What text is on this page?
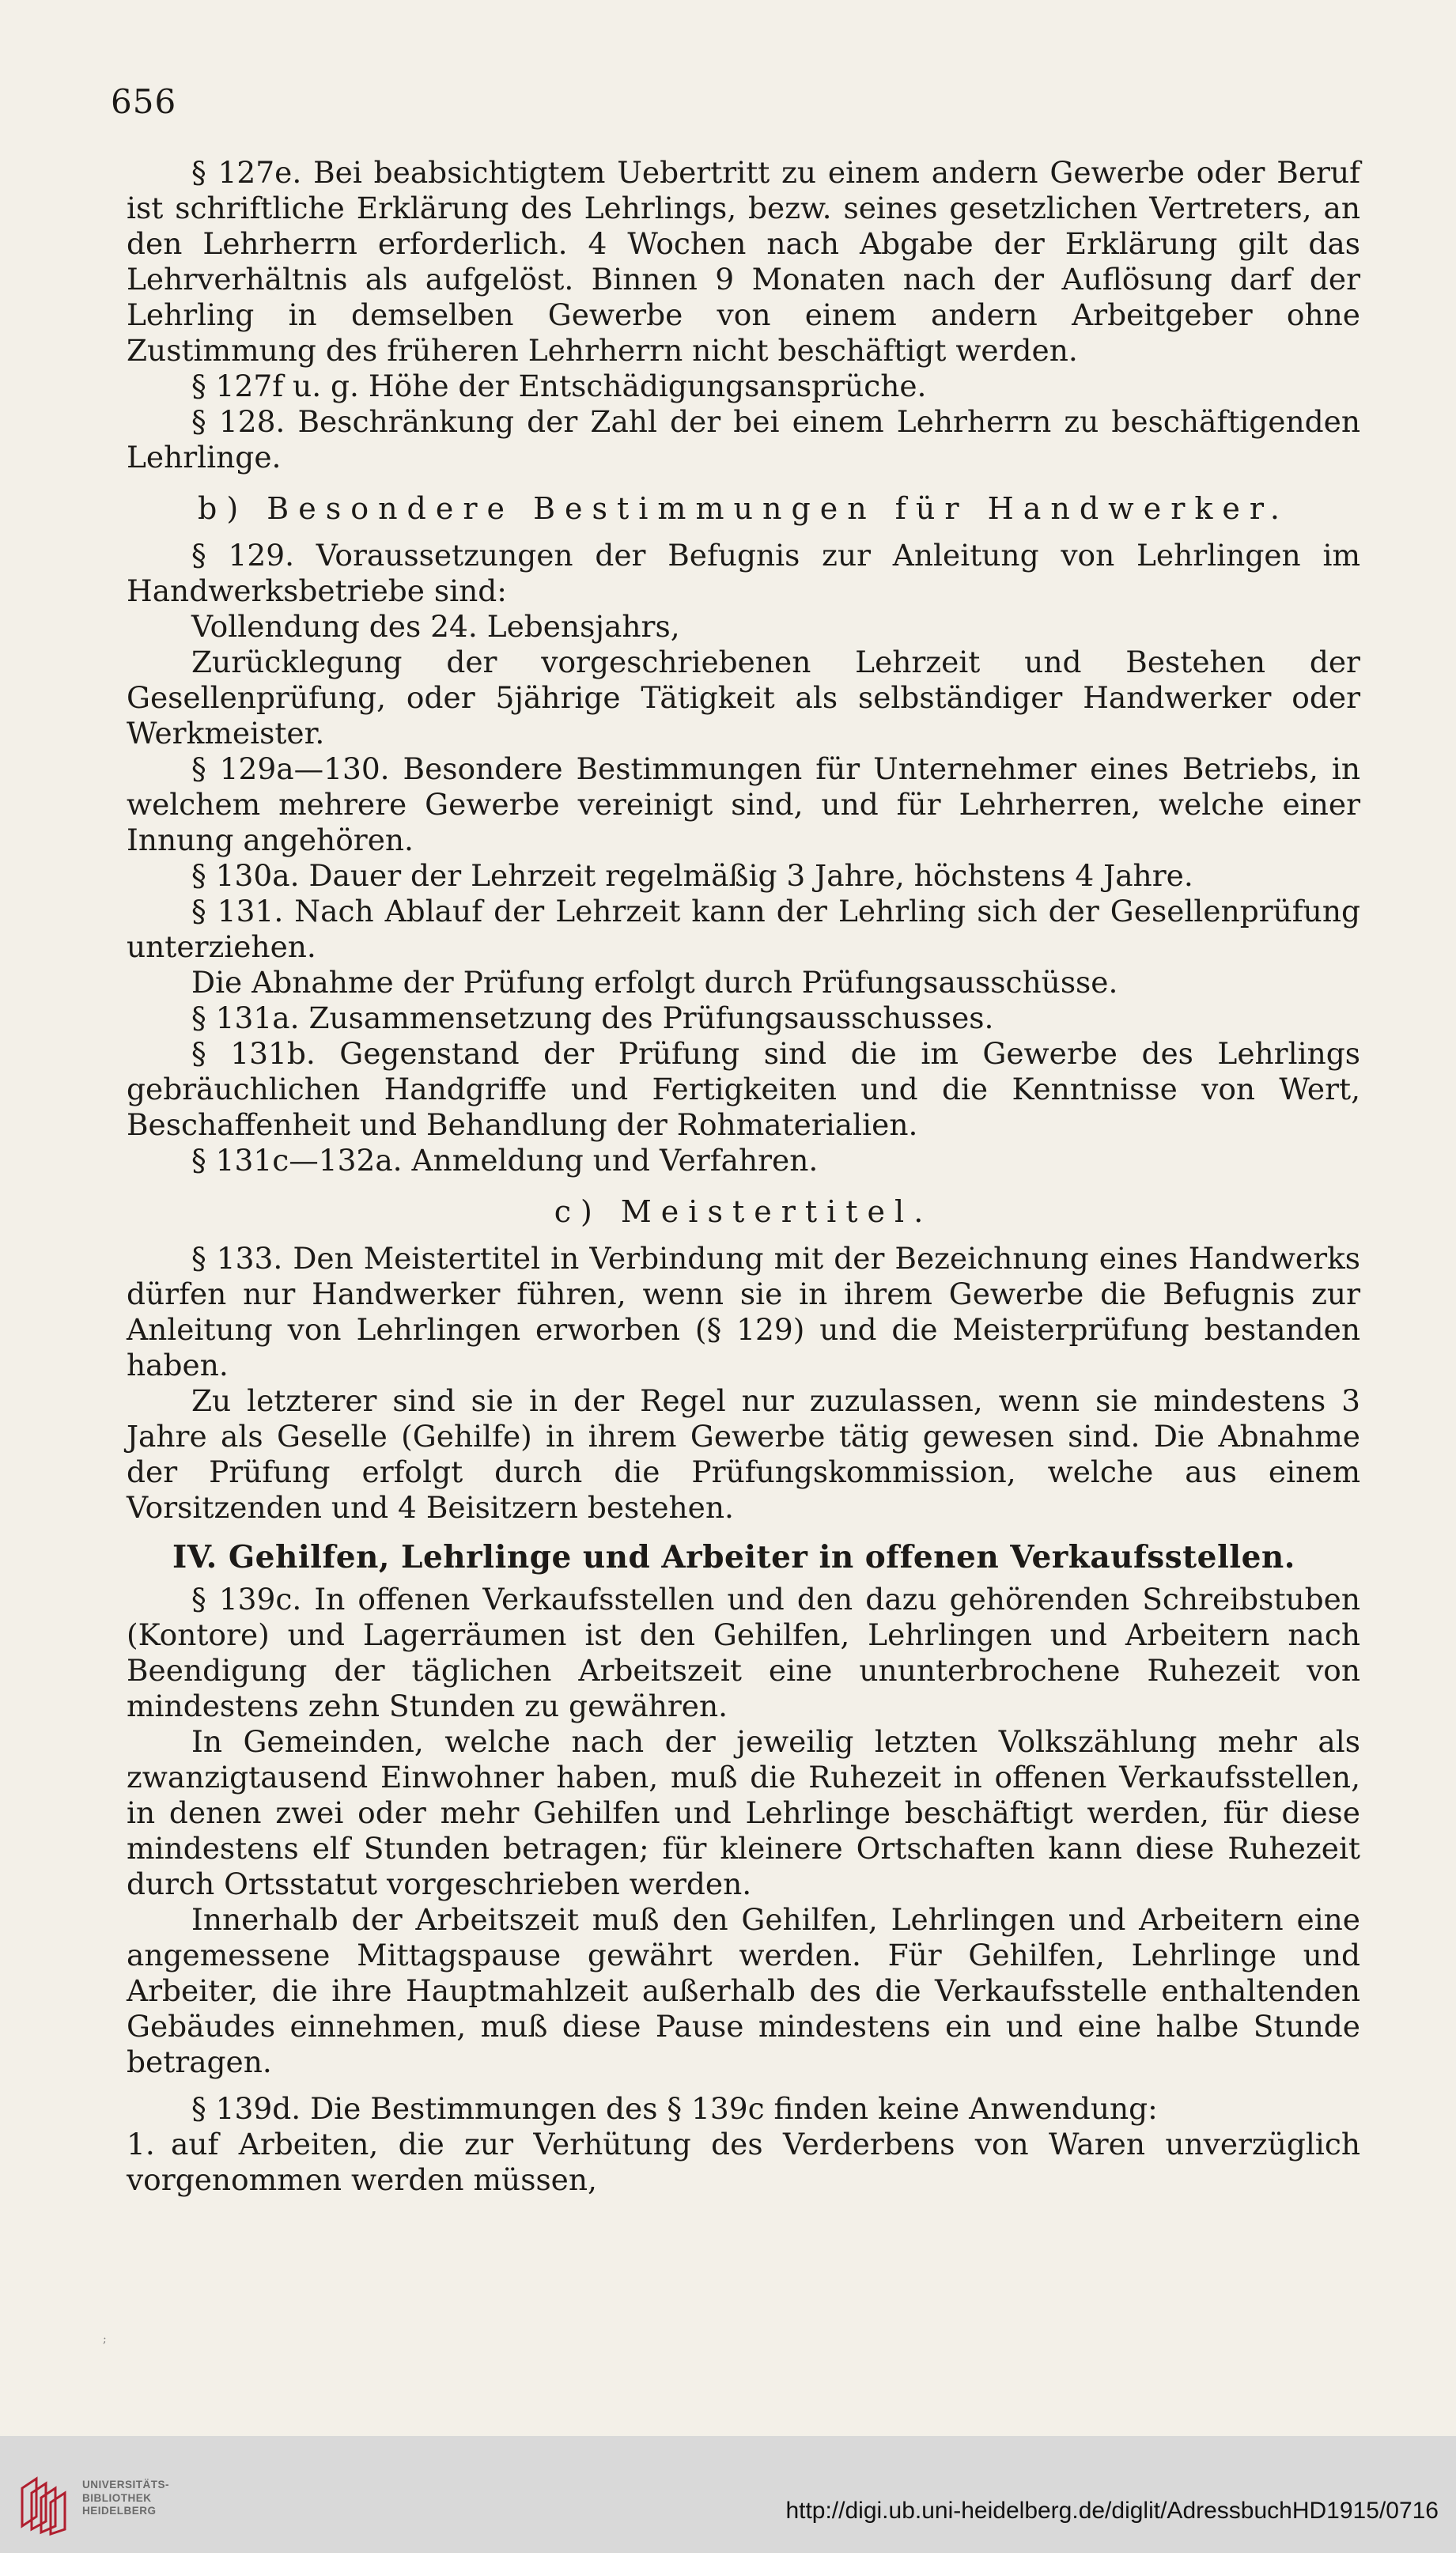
656

§ 127e. Bei beabsichtigtem Uebertritt zu einem andern Gewerbe oder Beruf ist schriftliche Erklärung des Lehrlings, bezw. seines gesetzlichen Vertreters, an den Lehrherrn erforderlich. 4 Wochen nach Abgabe der Erklärung gilt das Lehrverhältnis als aufgelöst. Binnen 9 Monaten nach der Auflösung darf der Lehrling in demselben Gewerbe von einem andern Arbeitgeber ohne Zustimmung des früheren Lehrherrn nicht beschäftigt werden.

§ 127f u. g. Höhe der Entschädigungsansprüche.

§ 128. Beschränkung der Zahl der bei einem Lehrherrn zu beschäftigenden Lehrlinge.

b) Besondere Bestimmungen für Handwerker.

§ 129. Voraussetzungen der Befugnis zur Anleitung von Lehrlingen im Handwerksbetriebe sind:

Vollendung des 24. Lebensjahrs,

Zurücklegung der vorgeschriebenen Lehrzeit und Bestehen der Gesellenprüfung, oder 5jährige Tätigkeit als selbständiger Handwerker oder Werkmeister.

§ 129a—130. Besondere Bestimmungen für Unternehmer eines Betriebs, in welchem mehrere Gewerbe vereinigt sind, und für Lehrherren, welche einer Innung angehören.

§ 130a. Dauer der Lehrzeit regelmäßig 3 Jahre, höchstens 4 Jahre.

§ 131. Nach Ablauf der Lehrzeit kann der Lehrling sich der Gesellenprüfung unterziehen.

Die Abnahme der Prüfung erfolgt durch Prüfungsausschüsse.

§ 131a. Zusammensetzung des Prüfungsausschusses.

§ 131b. Gegenstand der Prüfung sind die im Gewerbe des Lehrlings gebräuchlichen Handgriffe und Fertigkeiten und die Kenntnisse von Wert, Beschaffenheit und Behandlung der Rohmaterialien.

§ 131c—132a. Anmeldung und Verfahren.

c) Meistertitel.

§ 133. Den Meistertitel in Verbindung mit der Bezeichnung eines Handwerks dürfen nur Handwerker führen, wenn sie in ihrem Gewerbe die Befugnis zur Anleitung von Lehrlingen erworben (§ 129) und die Meisterprüfung bestanden haben.

Zu letzterer sind sie in der Regel nur zuzulassen, wenn sie mindestens 3 Jahre als Geselle (Gehilfe) in ihrem Gewerbe tätig gewesen sind. Die Abnahme der Prüfung erfolgt durch die Prüfungskommission, welche aus einem Vorsitzenden und 4 Beisitzern bestehen.

IV. Gehilfen, Lehrlinge und Arbeiter in offenen Verkaufsstellen.

§ 139c. In offenen Verkaufsstellen und den dazu gehörenden Schreibstuben (Kontore) und Lagerräumen ist den Gehilfen, Lehrlingen und Arbeitern nach Beendigung der täglichen Arbeitszeit eine ununterbrochene Ruhezeit von mindestens zehn Stunden zu gewähren.

In Gemeinden, welche nach der jeweilig letzten Volkszählung mehr als zwanzigtausend Einwohner haben, muß die Ruhezeit in offenen Verkaufsstellen, in denen zwei oder mehr Gehilfen und Lehrlinge beschäftigt werden, für diese mindestens elf Stunden betragen; für kleinere Ortschaften kann diese Ruhezeit durch Ortsstatut vorgeschrieben werden.

Innerhalb der Arbeitszeit muß den Gehilfen, Lehrlingen und Arbeitern eine angemessene Mittagspause gewährt werden. Für Gehilfen, Lehrlinge und Arbeiter, die ihre Hauptmahlzeit außerhalb des die Verkaufsstelle enthaltenden Gebäudes einnehmen, muß diese Pause mindestens ein und eine halbe Stunde betragen.

§ 139d. Die Bestimmungen des § 139c finden keine Anwendung:

1. auf Arbeiten, die zur Verhütung des Verderbens von Waren unverzüglich vorgenommen werden müssen,
;
UNIVERSITÄTS-
BIBLIOTHEK
HEIDELBERG	http://digi.ub.uni-heidelberg.de/diglit/AdressbuchHD1915/0716
